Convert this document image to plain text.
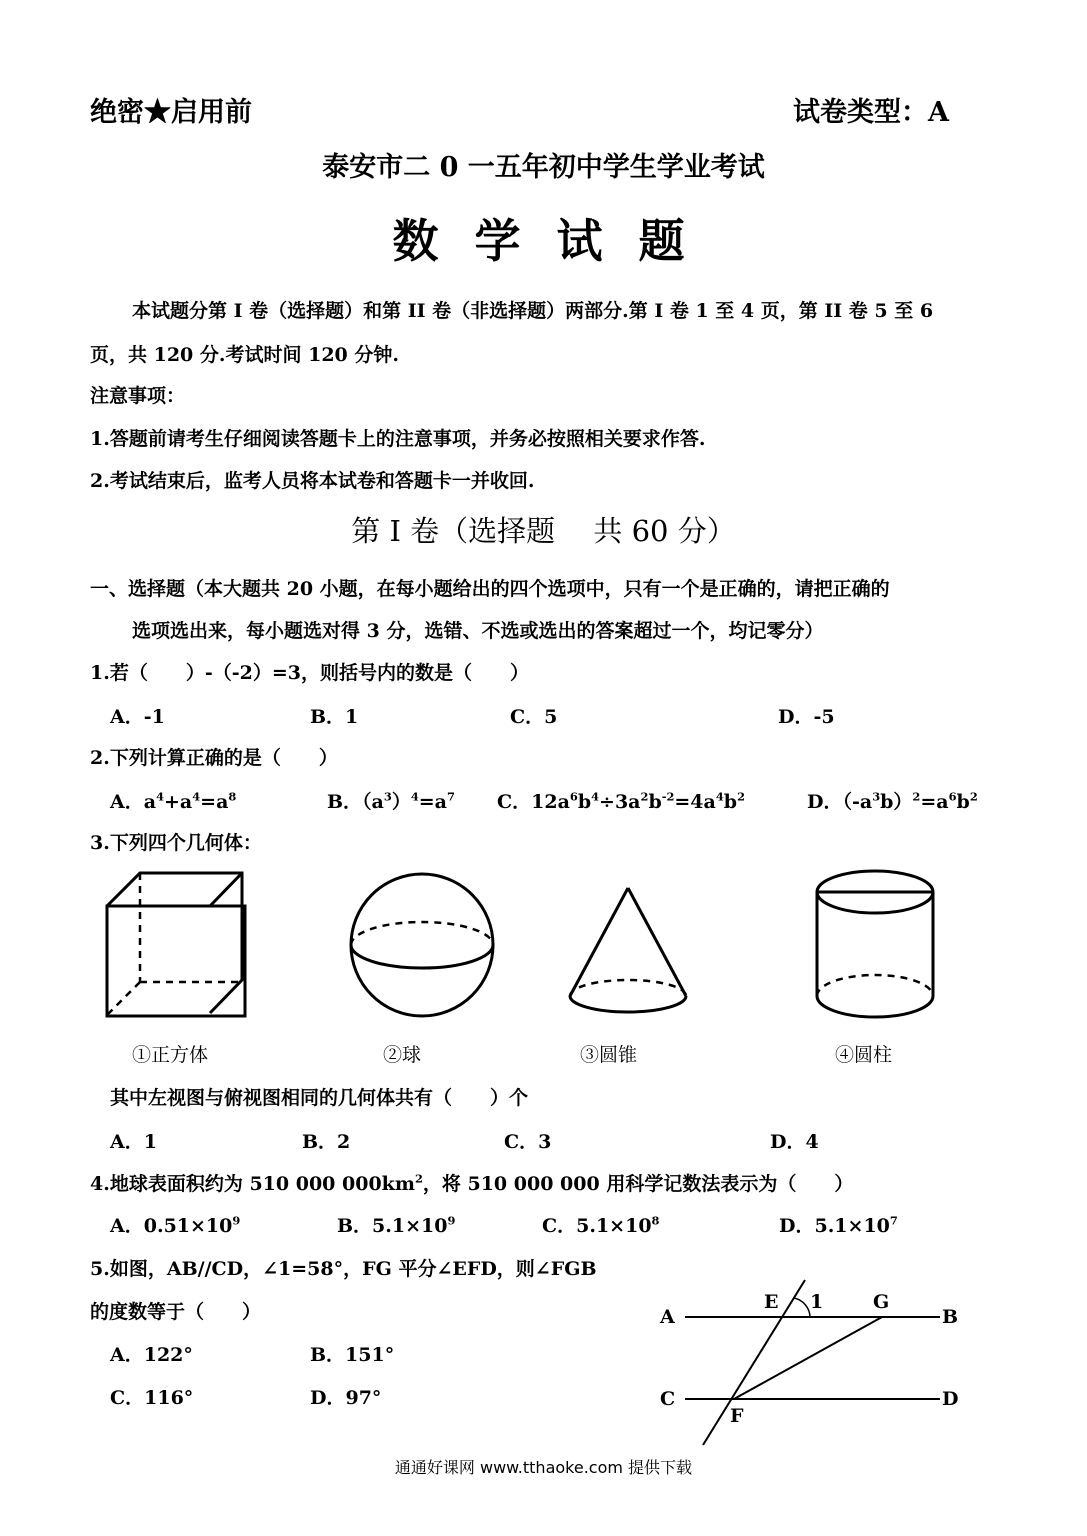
绝密★启用前	试卷类型：A
泰安市二 0 一五年初中学生学业考试
数 学 试 题
本试题分第 I 卷（选择题）和第 II 卷（非选择题）两部分.第 I 卷 1 至 4 页，第 II 卷 5 至 6
页，共 120 分.考试时间 120 分钟.
注意事项：
1.答题前请考生仔细阅读答题卡上的注意事项，并务必按照相关要求作答.
2.考试结束后，监考人员将本试卷和答题卡一并收回.
第 I 卷（选择题　 共 60 分）
一、选择题（本大题共 20 小题，在每小题给出的四个选项中，只有一个是正确的，请把正确的
选项选出来，每小题选对得 3 分，选错、不选或选出的答案超过一个，均记零分）
1.若（　　）-（-2）=3，则括号内的数是（　　）
A．-1	B．1	C．5	D．-5
2.下列计算正确的是（　　）
A．$a^4+a^4=a^8$	B．$(a^3)^4=a^7$ C．$12a^6b^4\div 3a^2b^{-2}=4a^4b^2$	D．$(-a^3b)^2=a^6b^2$
3.下列四个几何体：
①正方体	②球	③圆锥	④圆柱
其中左视图与俯视图相同的几何体共有（　　）个
A．1	B．2	C．3	D．4
4.地球表面积约为 510 000 $000km^2$，将 510 000 000 用科学记数法表示为（　　）
A．$0.51\times 10^9$	B．$5.1\times 10^9$	C．$5.1\times 10^8$	D．$5.1\times 10^7$
5.如图，AB//CD，∠1=58°，FG 平分∠EFD，则∠FGB
的度数等于（　　）
A．122°	B．151°
C．116°	D．97°
A	B
C	D
E
F
G
1
通通好课网 www.tthaoke.com 提供下载
